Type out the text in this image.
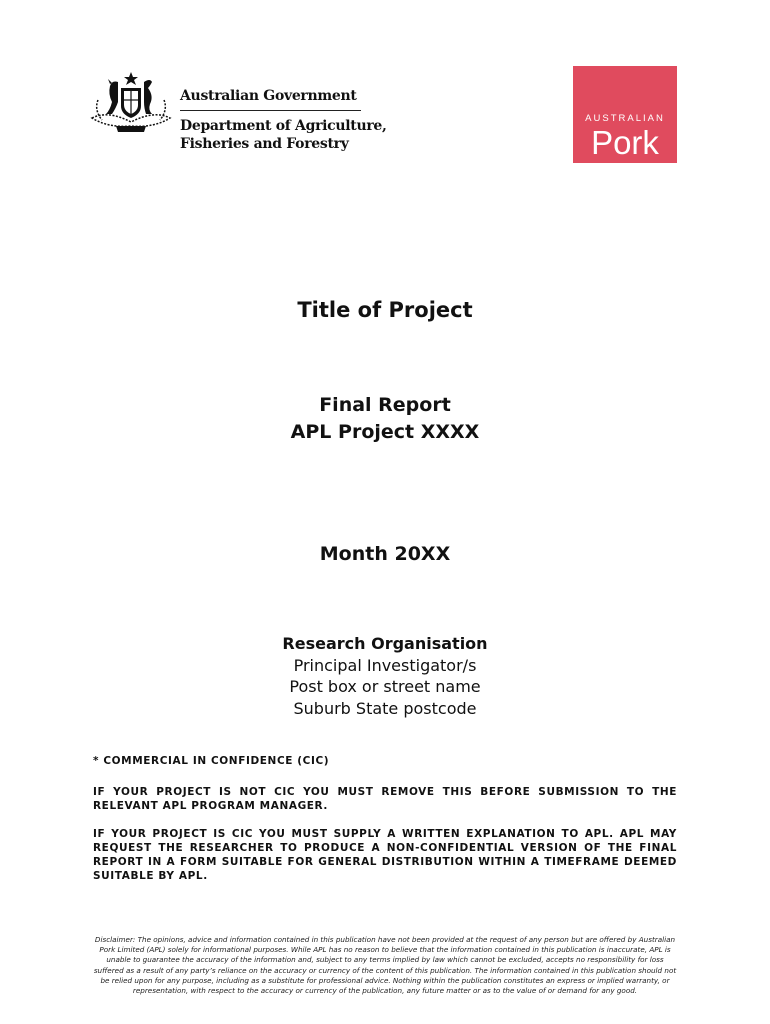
Australian Government
Department of Agriculture,
Fisheries and Forestry
AUSTRALIAN
Pork
Title of Project
Final Report
APL Project XXXX
Month 20XX
Research Organisation
Principal Investigator/s
Post box or street name
Suburb State postcode
* COMMERCIAL IN CONFIDENCE (CIC)
IF YOUR PROJECT IS NOT CIC YOU MUST REMOVE THIS BEFORE SUBMISSION TO THE RELEVANT APL PROGRAM MANAGER.
IF YOUR PROJECT IS CIC YOU MUST SUPPLY A WRITTEN EXPLANATION TO APL. APL MAY REQUEST THE RESEARCHER TO PRODUCE A NON-CONFIDENTIAL VERSION OF THE FINAL REPORT IN A FORM SUITABLE FOR GENERAL DISTRIBUTION WITHIN A TIMEFRAME DEEMED SUITABLE BY APL.
Disclaimer: The opinions, advice and information contained in this publication have not been provided at the request of any person but are offered by Australian Pork Limited (APL) solely for informational purposes. While APL has no reason to believe that the information contained in this publication is inaccurate, APL is unable to guarantee the accuracy of the information and, subject to any terms implied by law which cannot be excluded, accepts no responsibility for loss suffered as a result of any party’s reliance on the accuracy or currency of the content of this publication. The information contained in this publication should not be relied upon for any purpose, including as a substitute for professional advice. Nothing within the publication constitutes an express or implied warranty, or representation, with respect to the accuracy or currency of the publication, any future matter or as to the value of or demand for any good.
